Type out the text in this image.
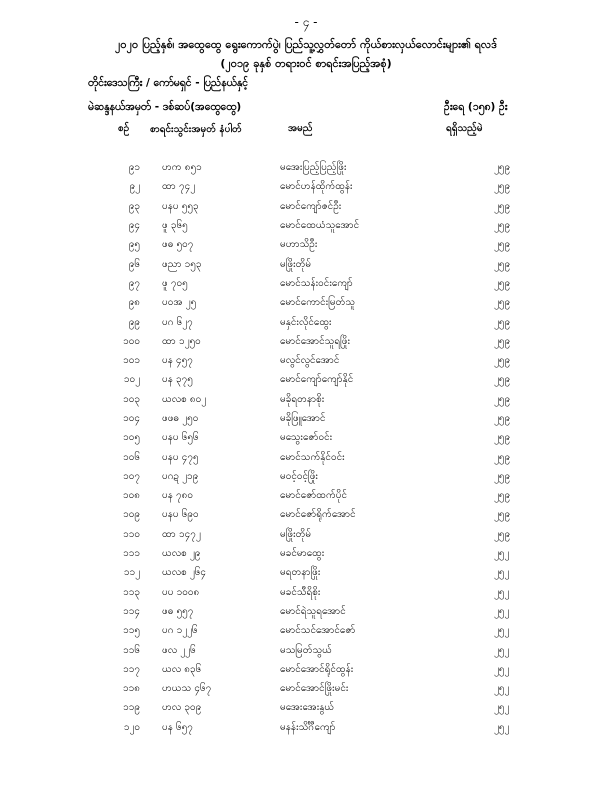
- ၄ -
၂၀၂၀ ပြည့်နှစ်၊ အထွေထွေ ရွေးကောက်ပွဲ၊ ပြည်သူ့လွှတ်တော် ကိုယ်စားလှယ်လောင်းများ၏ ရလဒ်
(၂၀၁၉ ခုနှစ် တရားဝင် စာရင်းအပြည့်အစုံ)
တိုင်းဒေသကြီး / ကော်မရှင် - ပြည်နယ်နှင့်
မဲဆန္ဒနယ်အမှတ် - ဒစ်ဆပ်(အထွေထွေ)	ဦးရေ (၁၅၈) ဦး
စဉ် စာရင်းသွင်းအမှတ် နံပါတ်	အမည်	ရရှိသည့်မဲ
၉၁	ဟက ၈၅၁	မအေးပြည့်ပြည့်ဖြိုး	၂၅၉
၉၂	ထာ ၇၄၂	မောင်ဟန်ထိုက်ထွန်း	၂၅၉
၉၃	ပနပ ၅၅၃	မောင်ကျော်ဇင်ဦး	၂၅၉
၉၄	ဖူ ၃၆၅	မောင်ထေယံသူအောင်	၂၅၉
၉၅	ဖဓ ၅၀၇	မဟာသိဦး	၂၅၉
၉၆	ဖညာ ၁၅၃	မဖြိုးတိုမ်	၂၅၉
၉၇	ဖူ ၇၀၅	မောင်သန်းဝင်းကျော်	၂၅၉
၉၈	ပဝအ ၂၅	မောင်ကောင်းမြတ်သူ	၂၅၉
၉၉	ပဂ ၆၂၇	မနှင်းလိုင်ထွေး	၂၅၉
၁၀၀	ထာ ၁၂၅၀	မောင်အောင်သူရဖြိုး	၂၅၉
၁၀၁	ပန ၄၅၇	မလွင်လွင်အောင်	၂၅၉
၁၀၂	ပန ၃၇၅	မောင်ကျော်ကျော်နိုင်	၂၅၉
၁၀၃	ယလစ ၈၀၂	မခိုရတနာစိုး	၂၅၉
၁၀၄	ဖဖဓ ၂၅၀	မခိုဖြူအောင်	၂၅၉
၁၀၅	ပနပ ၆၅၆	မသွေးဇော်ဝင်း	၂၅၉
၁၀၆	ပနပ ၄၇၅	မောင်သက်နိုင်ဝင်း	၂၅၉
၁၀၇	ပဂဍ ၂၁၉	မဝင့်ဝင့်ဖြိုး	၂၅၉
၁၀၈	ပန ၇၈၀	မောင်ဇော်ထက်ပိုင်	၂၅၉
၁၀၉	ပနပ ၆၉၀	မောင်ဇော်ရိုက်အောင်	၂၅၉
၁၁၀	ထာ ၁၄၇၂	မဖြိုးတိုမ်	၂၅၉
၁၁၁	ယလစ ၂၉	မခင်မာထွေး	၂၅၂
၁၁၂	ယလစ ၂၆၄	မရတနာဖြိုး	၂၅၂
၁၁၃	ပပ ၁၀၀၈	မခင်သီရိစိုး	၂၅၂
၁၁၄	ဖဓ ၅၅၇	မောင်ရဲသူရအောင်	၂၅၂
၁၁၅	ပဂ ၁၂၂၆	မောင်သင်အောင်ဇော်	၂၅၂
၁၁၆	ဖလ ၂၂၆	မသမြတ်သွယ်	၂၅၂
၁၁၇	ယလ ၈၃၆	မောင်အောင်ရိုင်ထွန်း	၂၅၂
၁၁၈	ဟယသ ၄၆၇	မောင်အောင်ဖြိုးမင်း	၂၅၂
၁၁၉	ဟလ ၃၀၉	မအေးအေးနွယ်	၂၅၂
၁၂၀	ပန ၆၅၇	မနန်းသိင်္ဂီကျော်	၂၅၂
